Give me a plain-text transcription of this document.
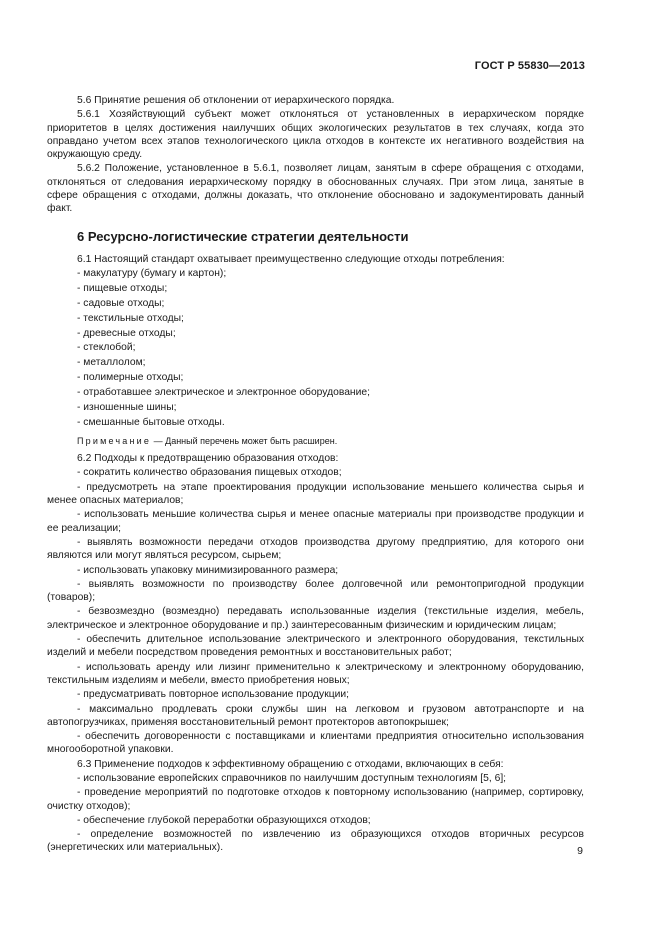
ГОСТ Р 55830—2013

5.6 Принятие решения об отклонении от иерархического порядка.

5.6.1 Хозяйствующий субъект может отклоняться от установленных в иерархическом порядке приоритетов в целях достижения наилучших общих экологических результатов в тех случаях, когда это оправдано учетом всех этапов технологического цикла отходов в контексте их негативного воздействия на окружающую среду.

5.6.2 Положение, установленное в 5.6.1, позволяет лицам, занятым в сфере обращения с отходами, отклоняться от следования иерархическому порядку в обоснованных случаях. При этом лица, занятые в сфере обращения с отходами, должны доказать, что отклонение обосновано и задокументировать данный факт.

6 Ресурсно-логистические стратегии деятельности

6.1 Настоящий стандарт охватывает преимущественно следующие отходы потребления:

- макулатуру (бумагу и картон);
- пищевые отходы;
- садовые отходы;
- текстильные отходы;
- древесные отходы;
- стеклобой;
- металлолом;
- полимерные отходы;
- отработавшее электрическое и электронное оборудование;
- изношенные шины;
- смешанные бытовые отходы.
Примечание — Данный перечень может быть расширен.

6.2 Подходы к предотвращению образования отходов:

- сократить количество образования пищевых отходов;

- предусмотреть на этапе проектирования продукции использование меньшего количества сырья и менее опасных материалов;

- использовать меньшие количества сырья и менее опасные материалы при производстве продукции и ее реализации;

- выявлять возможности передачи отходов производства другому предприятию, для которого они являются или могут являться ресурсом, сырьем;

- использовать упаковку минимизированного размера;

- выявлять возможности по производству более долговечной или ремонтопригодной продукции (товаров);

- безвозмездно (возмездно) передавать использованные изделия (текстильные изделия, мебель, электрическое и электронное оборудование и пр.) заинтересованным физическим и юридическим лицам;

- обеспечить длительное использование электрического и электронного оборудования, текстильных изделий и мебели посредством проведения ремонтных и восстановительных работ;

- использовать аренду или лизинг применительно к электрическому и электронному оборудованию, текстильным изделиям и мебели, вместо приобретения новых;

- предусматривать повторное использование продукции;

- максимально продлевать сроки службы шин на легковом и грузовом автотранспорте и на автопогрузчиках, применяя восстановительный ремонт протекторов автопокрышек;

- обеспечить договоренности с поставщиками и клиентами предприятия относительно использования многооборотной упаковки.

6.3 Применение подходов к эффективному обращению с отходами, включающих в себя:

- использование европейских справочников по наилучшим доступным технологиям [5, 6];

- проведение мероприятий по подготовке отходов к повторному использованию (например, сортировку, очистку отходов);

- обеспечение глубокой переработки образующихся отходов;

- определение возможностей по извлечению из образующихся отходов вторичных ресурсов (энергетических или материальных).	9
